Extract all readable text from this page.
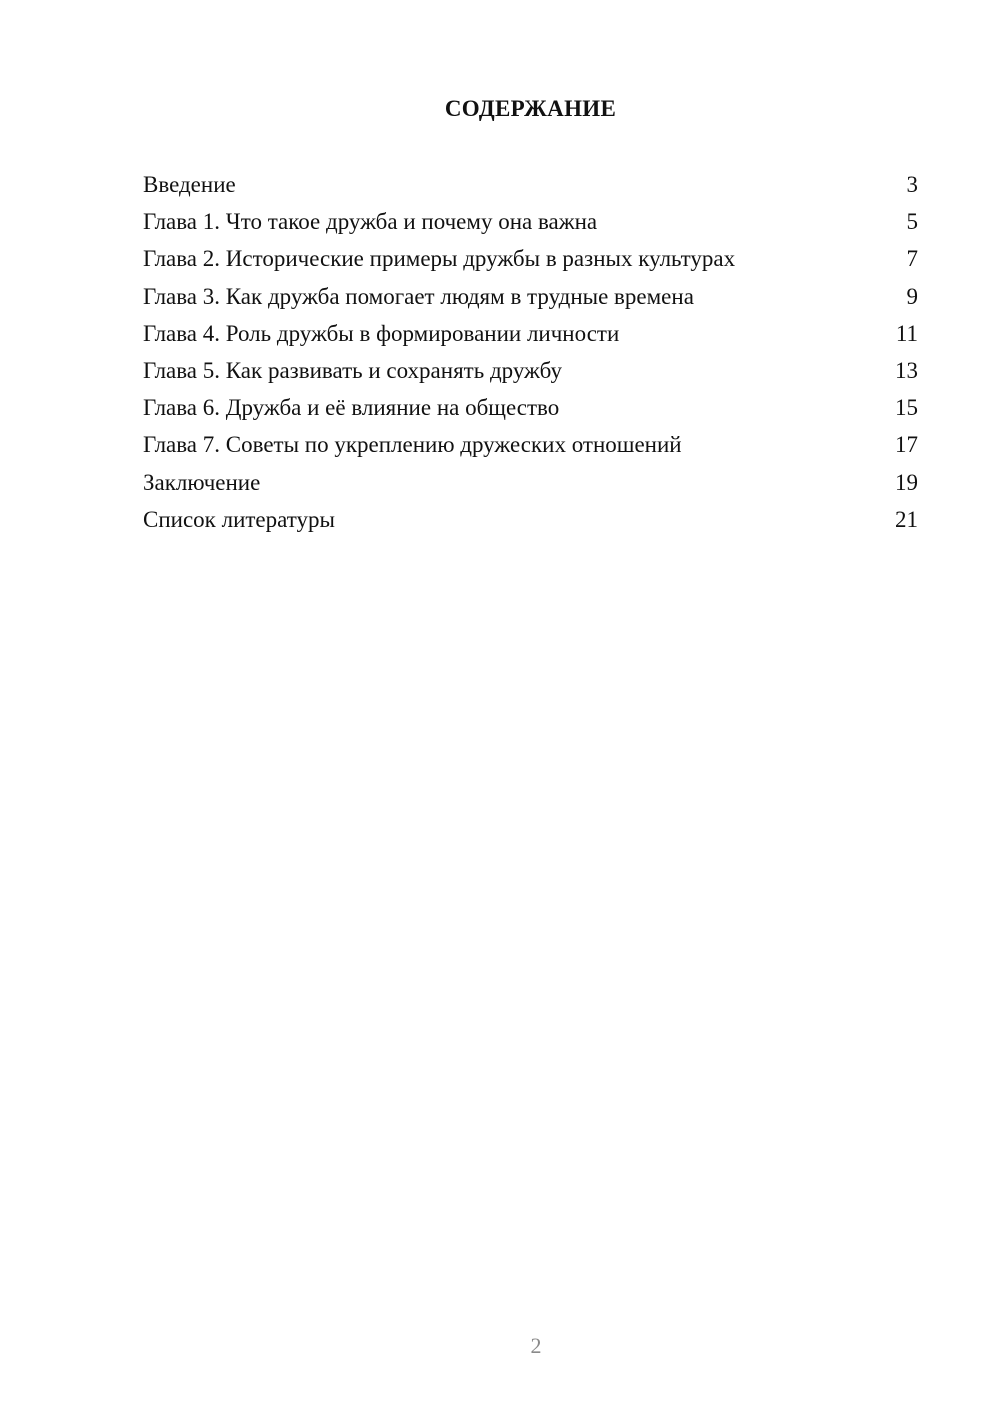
СОДЕРЖАНИЕ
Введение	3
Глава 1. Что такое дружба и почему она важна	5
Глава 2. Исторические примеры дружбы в разных культурах	7
Глава 3. Как дружба помогает людям в трудные времена	9
Глава 4. Роль дружбы в формировании личности	11
Глава 5. Как развивать и сохранять дружбу	13
Глава 6. Дружба и её влияние на общество	15
Глава 7. Советы по укреплению дружеских отношений	17
Заключение	19
Список литературы	21
2
